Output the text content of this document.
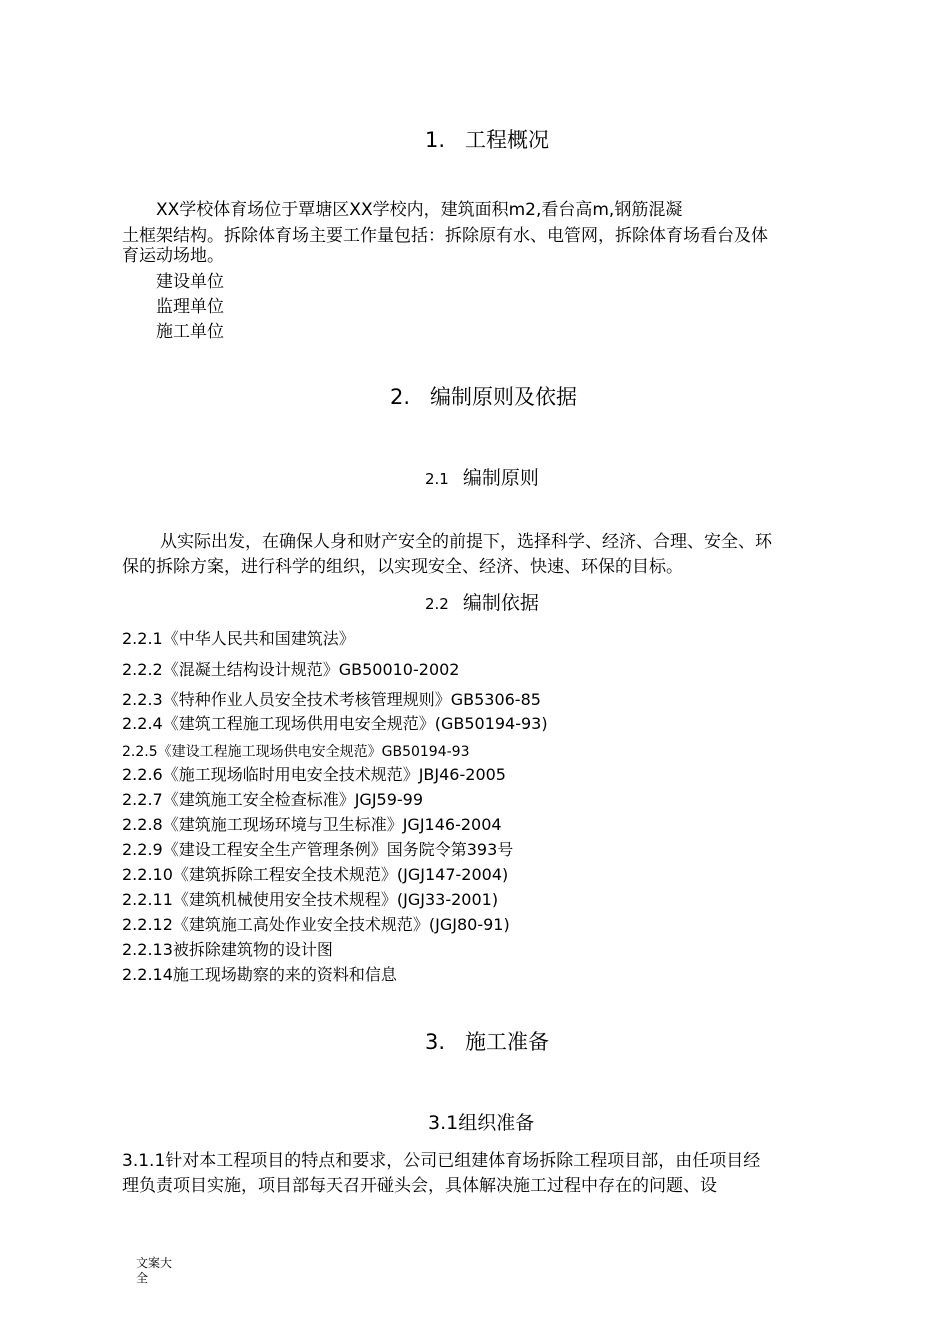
1. 工程概况
XX学校体育场位于覃塘区XX学校内，建筑面积m2,看台高m,钢筋混凝
土框架结构。拆除体育场主要工作量包括：拆除原有水、电管网，拆除体育场看台及体
育运动场地。
建设单位
监理单位
施工单位
2. 编制原则及依据
2.1 编制原则
从实际出发，在确保人身和财产安全的前提下，选择科学、经济、合理、安全、环
保的拆除方案，进行科学的组织，以实现安全、经济、快速、环保的目标。
2.2 编制依据
2.2.1《中华人民共和国建筑法》
2.2.2《混凝土结构设计规范》GB50010-2002
2.2.3《特种作业人员安全技术考核管理规则》GB5306-85
2.2.4《建筑工程施工现场供用电安全规范》(GB50194-93)
2.2.5《建设工程施工现场供电安全规范》GB50194-93
2.2.6《施工现场临时用电安全技术规范》JBJ46-2005
2.2.7《建筑施工安全检查标准》JGJ59-99
2.2.8《建筑施工现场环境与卫生标准》JGJ146-2004
2.2.9《建设工程安全生产管理条例》国务院令第393号
2.2.10《建筑拆除工程安全技术规范》(JGJ147-2004)
2.2.11《建筑机械使用安全技术规程》(JGJ33-2001)
2.2.12《建筑施工高处作业安全技术规范》(JGJ80-91)
2.2.13被拆除建筑物的设计图
2.2.14施工现场勘察的来的资料和信息
3. 施工准备
3.1组织准备
3.1.1针对本工程项目的特点和要求，公司已组建体育场拆除工程项目部，由任项目经
理负责项目实施，项目部每天召开碰头会，具体解决施工过程中存在的问题、设
文案大全
